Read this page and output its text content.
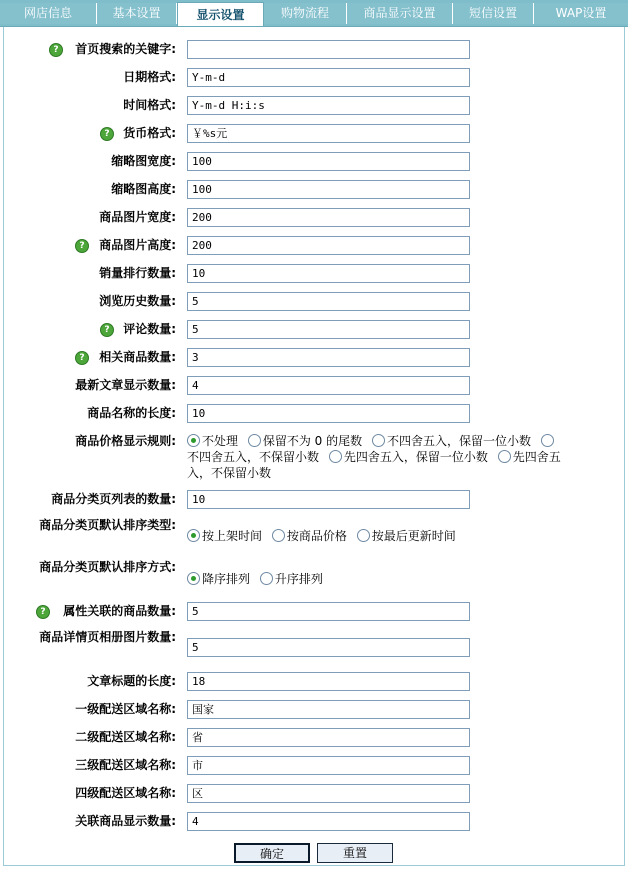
网店信息	基本设置	显示设置	购物流程	商品显示设置	短信设置	WAP设置
?	首页搜索的关键字:
日期格式:	Y-m-d
时间格式:	Y-m-d H:i:s
?	货币格式:	￥%s元
缩略图宽度:	100
缩略图高度:	100
商品图片宽度:	200
?	商品图片高度:	200
销量排行数量:	10
浏览历史数量:	5
?	评论数量:	5
?	相关商品数量:	3
最新文章显示数量:	4
商品名称的长度:	10
商品价格显示规则:	不处理 保留不为 0 的尾数 不四舍五入，保留一位小数 不四舍五入，不保留小数 先四舍五入，保留一位小数 先四舍五入，不保留小数
商品分类页列表的数量:	10
商品分类页默认排序类型:
按上架时间 按商品价格 按最后更新时间
商品分类页默认排序方式:
降序排列 升序排列
?	属性关联的商品数量:	5
商品详情页相册图片数量:
5
文章标题的长度:	18
一级配送区域名称:	国家
二级配送区域名称:	省
三级配送区域名称:	市
四级配送区域名称:	区
关联商品显示数量:	4
确定	重置
